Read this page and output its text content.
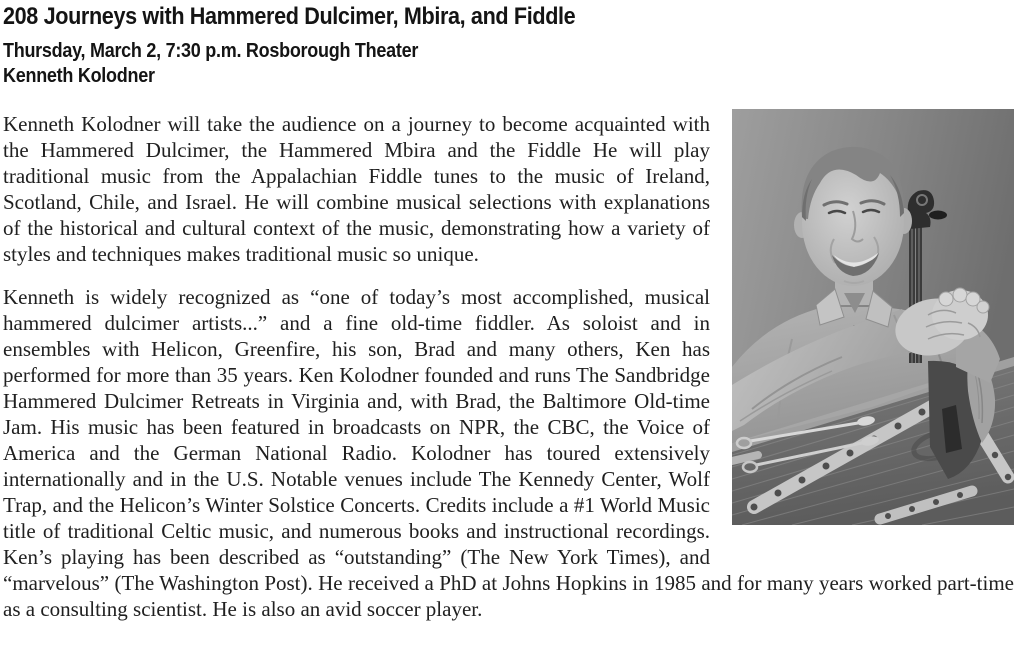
208 Journeys with Hammered Dulcimer, Mbira, and Fiddle
Thursday, March 2, 7:30 p.m. Rosborough Theater
Kenneth Kolodner

Kenneth Kolodner will take the audience on a journey to become acquainted with the Hammered Dulcimer, the Hammered Mbira and the Fiddle He will play traditional music from the Appalachian Fiddle tunes to the music of Ireland, Scotland, Chile, and Israel. He will combine musical selections with explanations of the historical and cultural context of the music, demonstrating how a variety of styles and techniques makes traditional music so unique.

Kenneth is widely recognized as “one of today’s most accomplished, musical hammered dulcimer artists...” and a fine old-time fiddler. As soloist and in ensembles with Helicon, Greenfire, his son, Brad and many others, Ken has performed for more than 35 years. Ken Kolodner founded and runs The Sandbridge Hammered Dulcimer Retreats in Virginia and, with Brad, the Baltimore Old-time Jam. His music has been featured in broadcasts on NPR, the CBC, the Voice of America and the German National Radio. Kolodner has toured extensively internationally and in the U.S. Notable venues include The Kennedy Center, Wolf Trap, and the Helicon’s Winter Solstice Concerts. Credits include a #1 World Music title of traditional Celtic music, and numerous books and instructional recordings. Ken’s playing has been described as “outstanding” (The New York Times), and “marvelous” (The Washington Post). He received a PhD at Johns Hopkins in 1985 and for many years worked part-time as a consulting scientist. He is also an avid soccer player.
